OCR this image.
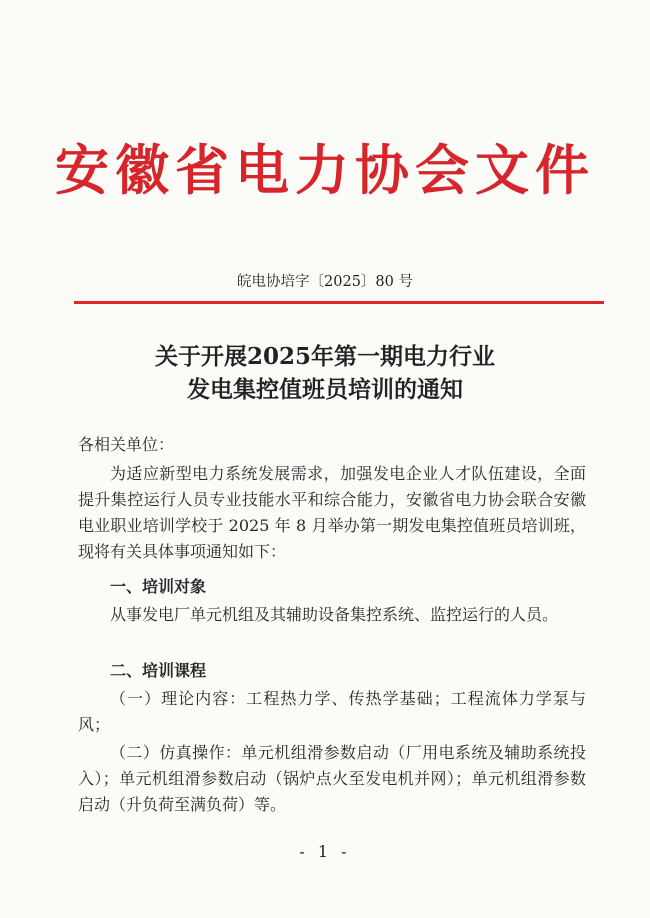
安徽省电力协会文件
皖电协培字〔2025〕80 号
关于开展2025年第一期电力行业
发电集控值班员培训的通知
各相关单位：

为适应新型电力系统发展需求，加强发电企业人才队伍建设，全面提升集控运行人员专业技能水平和综合能力，安徽省电力协会联合安徽电业职业培训学校于 2025 年 8 月举办第一期发电集控值班员培训班，现将有关具体事项通知如下：

一、培训对象

从事发电厂单元机组及其辅助设备集控系统、监控运行的人员。

二、培训课程

（一）理论内容：工程热力学、传热学基础；工程流体力学泵与风；

（二）仿真操作：单元机组滑参数启动（厂用电系统及辅助系统投入）；单元机组滑参数启动（锅炉点火至发电机并网）；单元机组滑参数启动（升负荷至满负荷）等。

- 1 -
